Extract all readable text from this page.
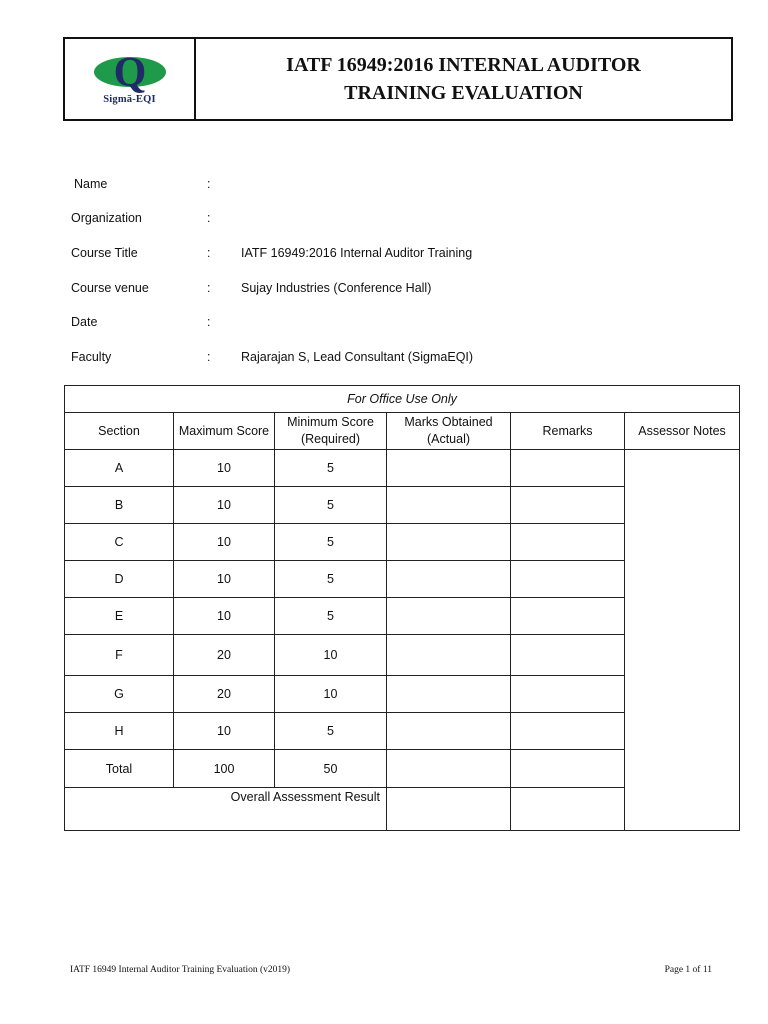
Q
Sigmā-EQI
IATF 16949:2016 INTERNAL AUDITOR
TRAINING EVALUATION
Name	:
Organization	:
Course Title	: IATF 16949:2016 Internal Auditor Training
Course venue	: Sujay Industries (Conference Hall)
Date	:
Faculty	: Rajarajan S, Lead Consultant (SigmaEQI)
For Office Use Only					
Section	Maximum Score	Minimum Score (Required)	Marks Obtained (Actual)	Remarks	Assessor Notes
A	10	5			
B	10	5			
C	10	5			
D	10	5			
E	10	5			
F	20	10			
G	20	10			
H	10	5			
Total	100	50			
Overall Assessment Result					
IATF 16949 Internal Auditor Training Evaluation (v2019)	Page 1 of 11
